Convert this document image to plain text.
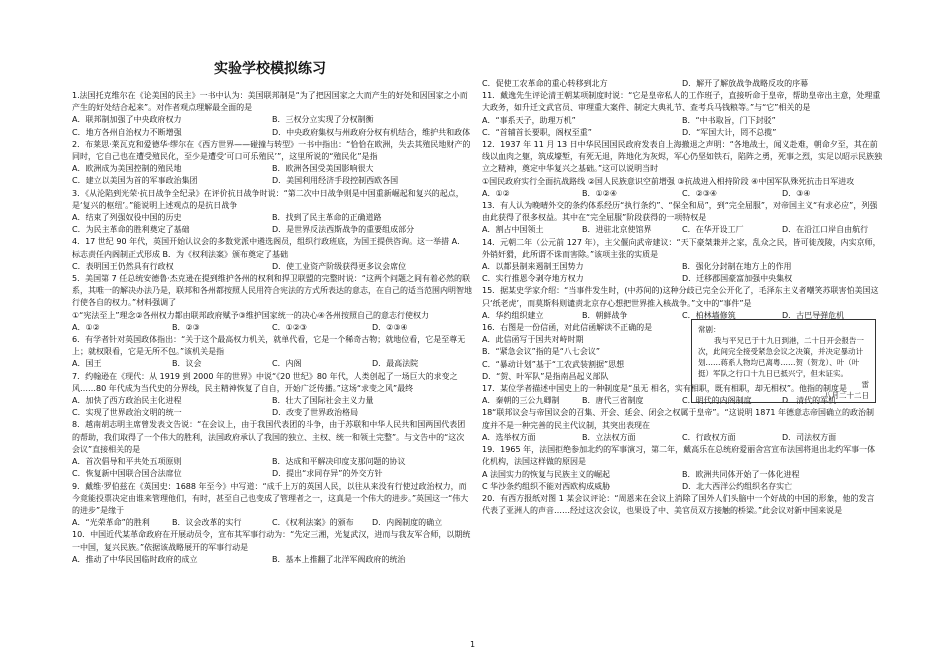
实验学校模拟练习

1.法国托克维尔在《论美国的民主》一书中认为：美国联邦制是“为了把因国家之大而产生的好处和因国家之小而产生的好处结合起来”。对作者观点理解最全面的是

A．联邦制加强了中央政府权力	B．三权分立实现了分权制衡
C．地方各州自治权力不断增强	D．中央政府集权与州政府分权有机结合，维护共和政体

2．布莱思·莱瓦克和爱德华·缪尔在《西方世界——碰撞与转型》一书中指出：“恰恰在欧洲，失去其殖民地财产的同时，它自己也在遭受殖民化，至少是遭受‘可口可乐殖民’”，这里所说的“殖民化”是指

A．欧洲成为美国控制的殖民地	B．欧洲各国受美国影响很大
C．建立以美国为首的军事政治集团	D．美国利用经济手段控制西欧各国

3．《从沦陷到光荣·抗日战争全纪录》在评价抗日战争时说：“第二次中日战争则是中国重新崛起和复兴的起点，是‘复兴的枢纽’。”能说明上述观点的是抗日战争

A．结束了列强奴役中国的历史	B．找到了民主革命的正确道路
C．为民主革命的胜利奠定了基础	D．是世界反法西斯战争的重要组成部分

4．17 世纪 90 年代，英国开始认议会的多数党派中遴选阁员，组织行政班底，为国王提供咨询。这一举措 A．标志责任内阁制正式形成 B．为《权利法案》颁布奠定了基础

C．表明国王仍然具有行政权	D．使工业资产阶级获得更多议会席位

5．美国第 7 任总统安德鲁·杰克逊在提到维护各州的权利和捍卫联盟的完整时说：“这两个问题之间有着必然的联系，其唯一的解决办法乃是，联邦和各州都按照人民用符合宪法的方式所表达的意志，在自己的适当范围内明智地行使各自的权力。”材料强调了

①“宪法至上”理念②各州权力都由联邦政府赋予③维护国家统一的决心④各州按照自己的意志行使权力

A．①②	B．②③	C．①②③	D．②③④

6．有学者针对英国政体指出：“关于这个最高权力机关，就单代看，它是一个稀奇古物；就地位看，它是至尊无上；就权限看，它是无所不包。”该机关是指

A．国王	B．议会	C．内阁	D．最高法院

7．约翰逊在《现代：从 1919 到 2000 年的世界》中说“《20 世纪》80 年代，人类创起了一场巨大的求变之风……80 年代成为当代史的分界线，民主精神恢复了自自，开始广泛传播。”这场“求变之风”最终

A．加快了西方政治民主化进程	B．壮大了国际社会主义力量
C．实现了世界政治文明的统一	D．改变了世界政治格局

8．越南胡志明主席曾发表文告说：“在会议上，由于我国代表团的斗争，由于苏联和中华人民共和国两国代表团的帮助，我们取得了一个伟大的胜利，法国政府承认了我国的独立、主权、统一和领土完整”。与文告中的“这次会议”直接相关的是

A．首次倡导和平共处五项原则	B．达成和平解决印度支那问题的协议
C．恢复新中国联合国合法席位	D．提出“求同存异”的外交方针

9．戴维·罗伯兹在《英国史：1688 年至今》中写道：“成千上万的英国人民，以往从来没有行使过政治权力，而今竟能投票决定由谁来管理他们，有时，甚至自己也变成了管理者之一，这真是一个伟大的进步。”英国这一“伟大的进步”是缘于

A．“光荣革命”的胜利	B．议会改革的实行	C．《权利法案》的颁布	D．内阁制度的确立

10．中国近代某革命政府在开展动员令，宣布其军事行动为：“先定三湘，光复武汉，进而与我友军合师，以期统一中国，复兴民族。”依据该战略展开的军事行动是

A．推动了中华民国临时政府的成立	B．基本上推翻了北洋军阀政府的统治
C．促使工农革命的重心转移到北方	D．解开了解放战争战略反攻的序幕

11．戴逸先生评论清王朝某项制度时说：“它是皇帝私人的工作班子，直接听命于皇帝，帮助皇帝出主意，处理重大政务，如升迁文武官员、审理重大案件、制定大典礼节、查考兵马钱粮等。”与“它”相关的是

A．“事系天子，助理万机”	B．“中书取旨，门下封驳”
C．“首辅首长要职，阁权至重”	D．“军国大计，罔不总揽”

12．1937 年 11 月 13 日中华民国国民政府发表自上海撤退之声明：“各地战士，闻义赴难，朝命夕至，其在前线以血肉之躯，筑成壕堑，有死无退，阵地化为灰烬，军心仍坚如铁石，陷阵之勇，死事之烈，实足以昭示民族独立之精神，奠定中华复兴之基础。”这可以说明当时

①国民政府实行全面抗战路线 ②国人民族意识空前增强 ③抗战进入相持阶段 ④中国军队殊死抗击日军进攻

A．①②	B．①②④	C．②③④	D．③④

13．有人认为晚晴外交的条约体系经历“执行条约”、“保全和局”，到“完全屈服”，对帝国主义“有求必应”，列强由此获得了很多权益。其中在“完全屈服”阶段获得的一项特权是

A．割占中国领土	B．进驻北京使馆界	C．在华开设工厂	D．在沿江口岸自由航行

14．元朝二年（公元前 127 年），主父偃向武帝建议：“天下豪桀兼并之家，乱众之民，皆可徙茂陵，内实京师，外销奸猾，此所谓不诛而害除。”该项主张的实质是

A．以都县制来遏制王国势力	B．强化分封制在地方上的作用
C．实行推恩令剥夺地方权力	D．迁移郡国豪富加强中央集权

15．据某史学家介绍：“当事件发生时，(中苏间的)这种分歧已完全公开化了，毛泽东主义者嘲笑苏联害怕美国这只‘纸老虎’，而莫斯科则谴责北京存心想把世界推入核战争。”文中的“事件”是

A．华约组织建立	B．朝鲜战争	C．柏林墙修筑	D．古巴导弹危机

16．右图是一份信函，对此信函解读不正确的是

A．此信函写于国共对峙时期

B．“紧急会议”指的是“八七会议”

C．“暴动计划”基于“工农武装割据”思想

D．“贺、叶军队”是指南昌起义部队

17．某位学者描述中国史上的一种制度是“虽无 相名，实有相职，既有相职，却无相权”。他指的制度是

A．秦朝的三公九卿制	B．唐代三省制度	C．明代的内阁制度	D．清代的军机

18“联邦议会与帝国议会的召集、开会、延会、闭会之权属于皇帝”。“这说明 1871 年德意志帝国确立的政治制度并不是一种完善的民主代议制，其突出表现在

A．选举权方面	B．立法权方面	C．行政权方面	D．司法权方面

19．1965 年，法国拒绝参加北约的军事演习，第二年，戴高乐在总统府爱丽舍宫宣布法国将退出北约军事一体化机构，法国这样做的原因是

A 法国实力的恢复与民族主义的崛起	B．欧洲共同体开始了一体化进程
C 华沙条约组织不能对西欧构成威胁	D．北大西洋公约组织名存实亡

20．有西方报纸对图 1 某会议评论：“周恩来在会议上消除了国外人们头脑中一个好战的中国的形象，他的发言代表了亚洲人的声音……经过这次会议，也果设了中、美官员双方接触的桥梁。”此会议对新中国来说是

常剧：
我与平兄已于十九日到港，二十日开会报告一次，此间完全接受紧急会议之决策，并决定暴动计划……蒋系人物均已离粤……贺（贺龙）、叶（叶挺）军队之行口十九日已抵兴宁，但未证实。
雷
八月二十二日
1
